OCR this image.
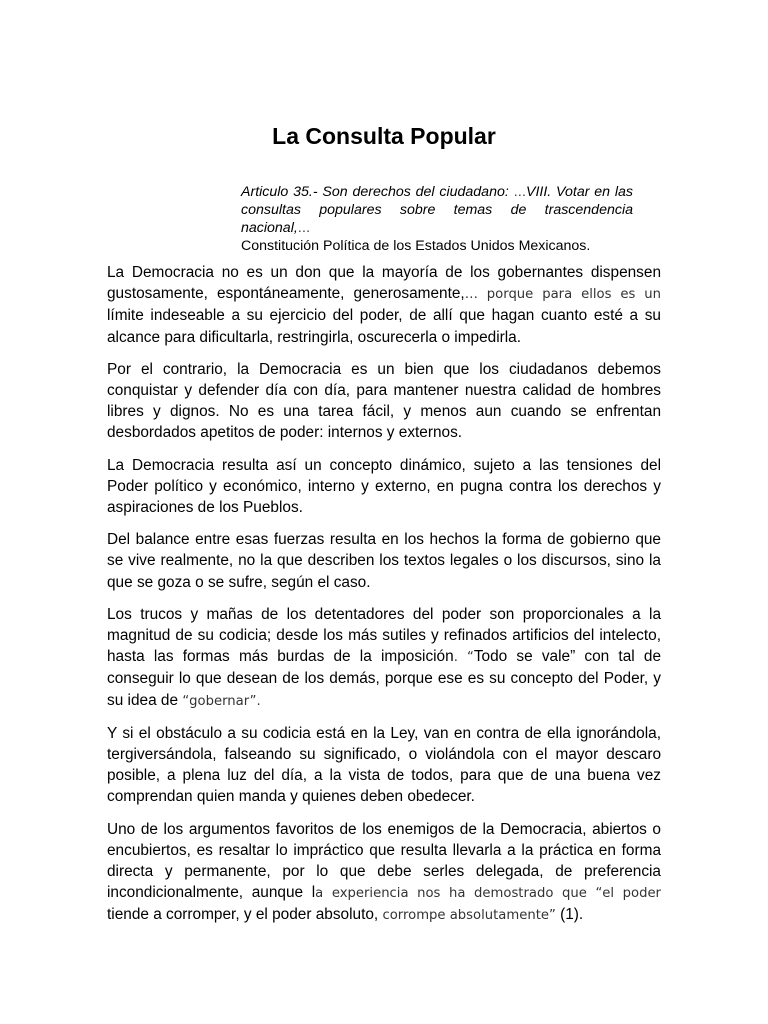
La Consulta Popular
Articulo 35.- Son derechos del ciudadano: …VIII. Votar en las consultas populares sobre temas de trascendencia nacional,…
Constitución Política de los Estados Unidos Mexicanos.

La Democracia no es un don que la mayoría de los gobernantes dispensen gustosamente, espontáneamente, generosamente,… porque para ellos es un límite indeseable a su ejercicio del poder, de allí que hagan cuanto esté a su alcance para dificultarla, restringirla, oscurecerla o impedirla.

Por el contrario, la Democracia es un bien que los ciudadanos debemos conquistar y defender día con día, para mantener nuestra calidad de hombres libres y dignos. No es una tarea fácil, y menos aun cuando se enfrentan desbordados apetitos de poder: internos y externos.

La Democracia resulta así un concepto dinámico, sujeto a las tensiones del Poder político y económico, interno y externo, en pugna contra los derechos y aspiraciones de los Pueblos.

Del balance entre esas fuerzas resulta en los hechos la forma de gobierno que se vive realmente, no la que describen los textos legales o los discursos, sino la que se goza o se sufre, según el caso.

Los trucos y mañas de los detentadores del poder son proporcionales a la magnitud de su codicia; desde los más sutiles y refinados artificios del intelecto, hasta las formas más burdas de la imposición. “Todo se vale” con tal de conseguir lo que desean de los demás, porque ese es su concepto del Poder, y su idea de “gobernar”.

Y si el obstáculo a su codicia está en la Ley, van en contra de ella ignorándola, tergiversándola, falseando su significado, o violándola con el mayor descaro posible, a plena luz del día, a la vista de todos, para que de una buena vez comprendan quien manda y quienes deben obedecer.

Uno de los argumentos favoritos de los enemigos de la Democracia, abiertos o encubiertos, es resaltar lo impráctico que resulta llevarla a la práctica en forma directa y permanente, por lo que debe serles delegada, de preferencia incondicionalmente, aunque la experiencia nos ha demostrado que “el poder tiende a corromper, y el poder absoluto, corrompe absolutamente” (1).
